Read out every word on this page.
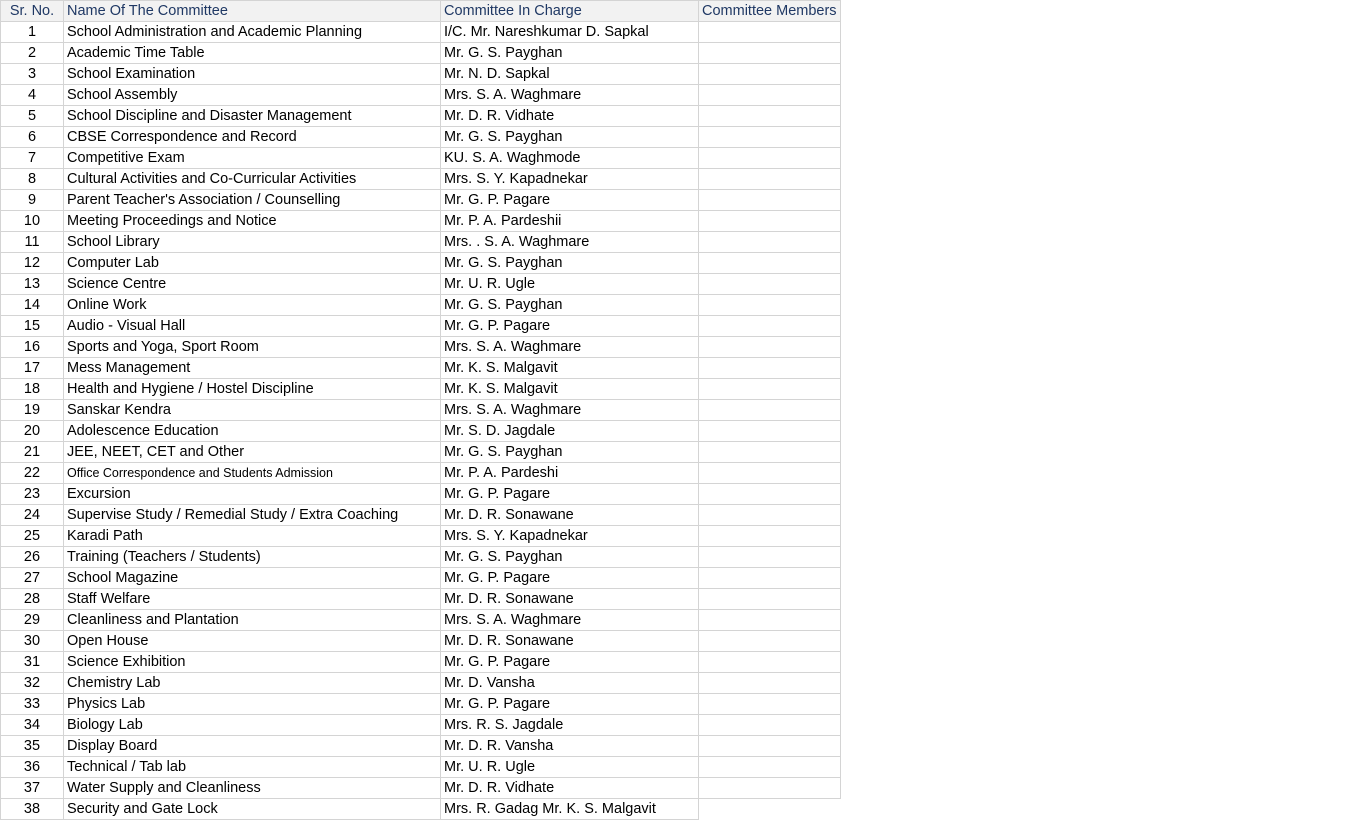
Sr. No.	Name Of The Committee	Committee In Charge	Committee Members
1	School Administration and Academic Planning	I/C. Mr. Nareshkumar D. Sapkal	
2	Academic Time Table	Mr. G. S. Payghan	
3	School Examination	Mr. N. D. Sapkal	
4	School Assembly	Mrs. S. A. Waghmare	
5	School Discipline and Disaster Management	Mr. D. R. Vidhate	
6	CBSE Correspondence and Record	Mr. G. S. Payghan	
7	Competitive Exam	KU. S. A. Waghmode	
8	Cultural Activities and Co-Curricular Activities	Mrs. S. Y. Kapadnekar	
9	Parent Teacher's Association / Counselling	Mr. G. P. Pagare	
10	Meeting Proceedings and Notice	Mr. P. A. Pardeshii	
11	School Library	Mrs. . S. A. Waghmare	
12	Computer Lab	Mr. G. S. Payghan	
13	Science Centre	Mr. U. R. Ugle	
14	Online Work	Mr. G. S. Payghan	
15	Audio - Visual Hall	Mr. G. P. Pagare	
16	Sports and Yoga, Sport Room	Mrs. S. A. Waghmare	
17	Mess Management	Mr. K. S. Malgavit	
18	Health and Hygiene / Hostel Discipline	Mr. K. S. Malgavit	
19	Sanskar Kendra	Mrs. S. A. Waghmare	
20	Adolescence Education	Mr. S. D. Jagdale	
21	JEE, NEET, CET and Other	Mr. G. S. Payghan	
22	Office Correspondence and Students Admission	Mr. P. A. Pardeshi	
23	Excursion	Mr. G. P. Pagare	
24	Supervise Study / Remedial Study / Extra Coaching	Mr. D. R. Sonawane	
25	Karadi Path	Mrs. S. Y. Kapadnekar	
26	Training (Teachers / Students)	Mr. G. S. Payghan	
27	School Magazine	Mr. G. P. Pagare	
28	Staff Welfare	Mr. D. R. Sonawane	
29	Cleanliness and Plantation	Mrs. S. A. Waghmare	
30	Open House	Mr. D. R. Sonawane	
31	Science Exhibition	Mr. G. P. Pagare	
32	Chemistry Lab	Mr. D. Vansha	
33	Physics Lab	Mr. G. P. Pagare	
34	Biology Lab	Mrs. R. S. Jagdale	
35	Display Board	Mr. D. R. Vansha	
36	Technical / Tab lab	Mr. U. R. Ugle	
37	Water Supply and Cleanliness	Mr. D. R. Vidhate	
38	Security and Gate Lock	Mrs. R. Gadag Mr. K. S. Malgavit	
